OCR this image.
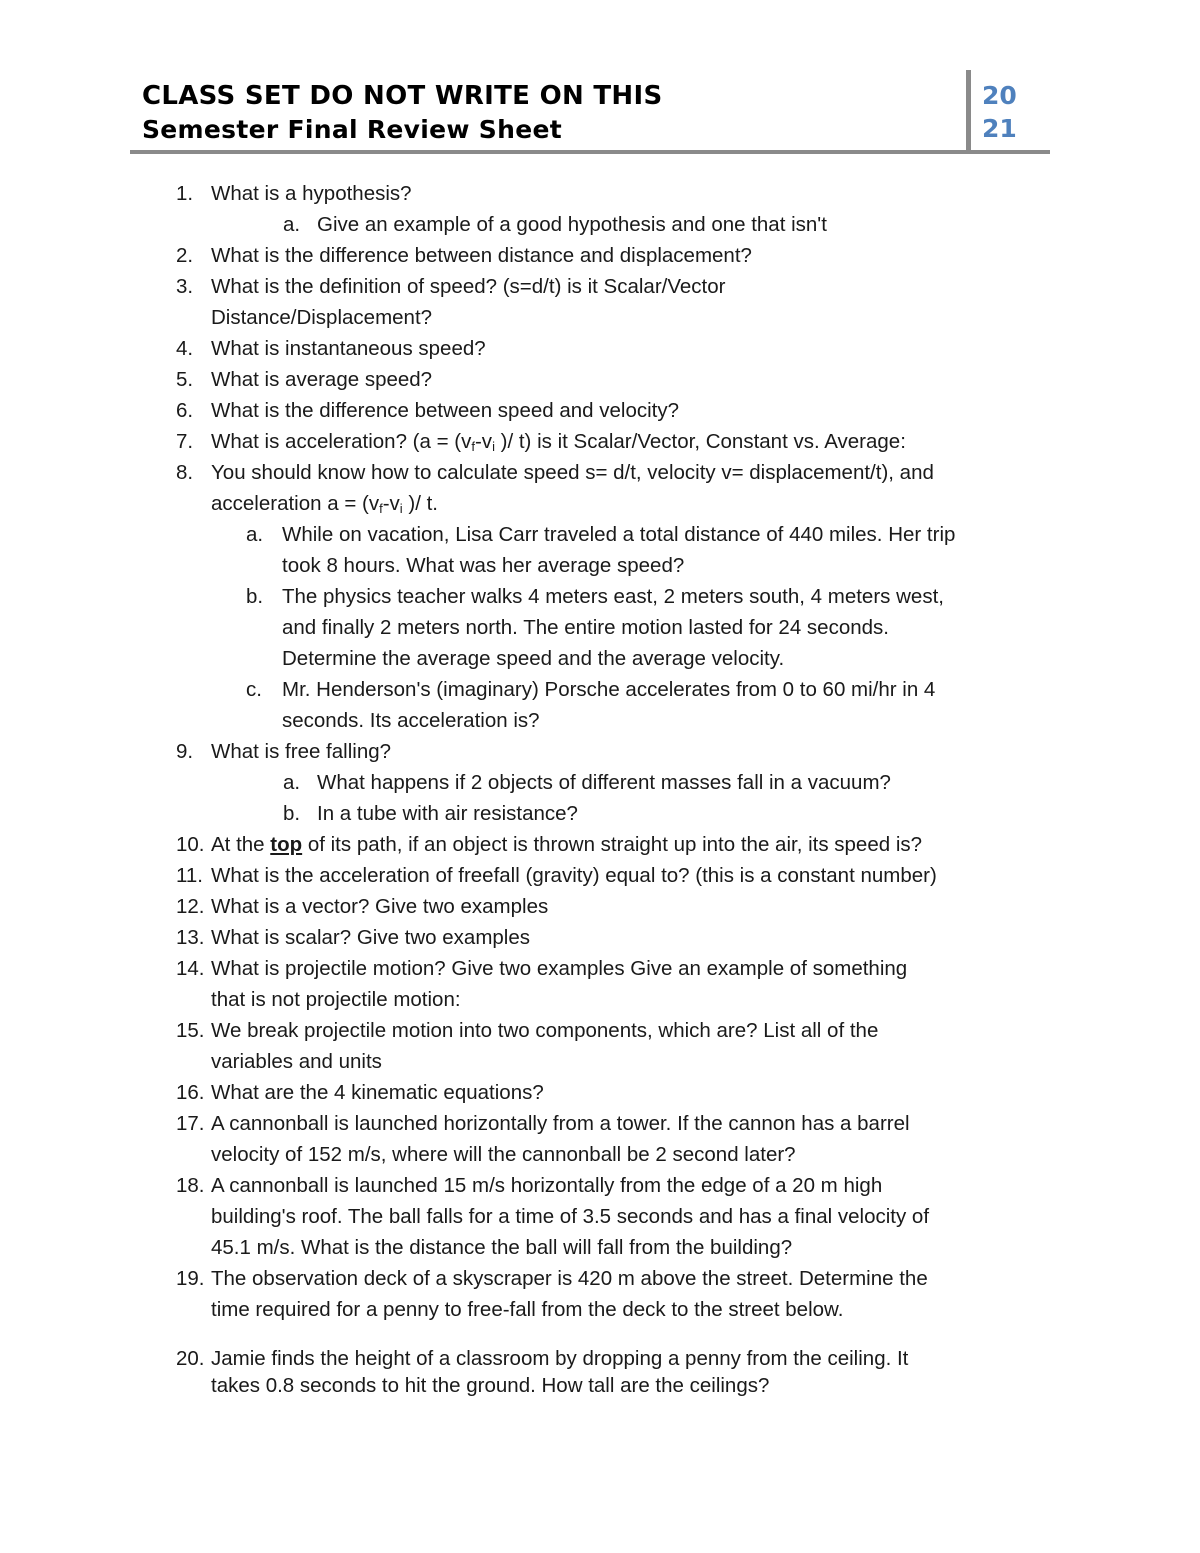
CLASS SET DO NOT WRITE ON THIS
Semester Final Review Sheet
20
21
1. What is a hypothesis?
a. Give an example of a good hypothesis and one that isn't
2. What is the difference between distance and displacement?
3. What is the definition of speed? (s=d/t) is it Scalar/Vector
Distance/Displacement?
4. What is instantaneous speed?
5. What is average speed?
6. What is the difference between speed and velocity?
7. What is acceleration? ($a = (v_f-v_i$ )/ t) is it Scalar/Vector, Constant vs. Average:
8. You should know how to calculate speed s= d/t, velocity v= displacement/t), and
acceleration $a = (v_f-v_i$ )/ t.
a. While on vacation, Lisa Carr traveled a total distance of 440 miles. Her trip
took 8 hours. What was her average speed?
b. The physics teacher walks 4 meters east, 2 meters south, 4 meters west,
and finally 2 meters north. The entire motion lasted for 24 seconds.
Determine the average speed and the average velocity.
c. Mr. Henderson's (imaginary) Porsche accelerates from 0 to 60 mi/hr in 4
seconds. Its acceleration is?
9. What is free falling?
a. What happens if 2 objects of different masses fall in a vacuum?
b. In a tube with air resistance?
10. At the top of its path, if an object is thrown straight up into the air, its speed is?
11. What is the acceleration of freefall (gravity) equal to? (this is a constant number)
12. What is a vector? Give two examples
13. What is scalar? Give two examples
14. What is projectile motion? Give two examples Give an example of something
that is not projectile motion:
15. We break projectile motion into two components, which are? List all of the
variables and units
16. What are the 4 kinematic equations?
17. A cannonball is launched horizontally from a tower. If the cannon has a barrel
velocity of 152 m/s, where will the cannonball be 2 second later?
18. A cannonball is launched 15 m/s horizontally from the edge of a 20 m high
building's roof. The ball falls for a time of 3.5 seconds and has a final velocity of
45.1 m/s. What is the distance the ball will fall from the building?
19. The observation deck of a skyscraper is 420 m above the street. Determine the
time required for a penny to free-fall from the deck to the street below.
20. Jamie finds the height of a classroom by dropping a penny from the ceiling. It
takes 0.8 seconds to hit the ground. How tall are the ceilings?
